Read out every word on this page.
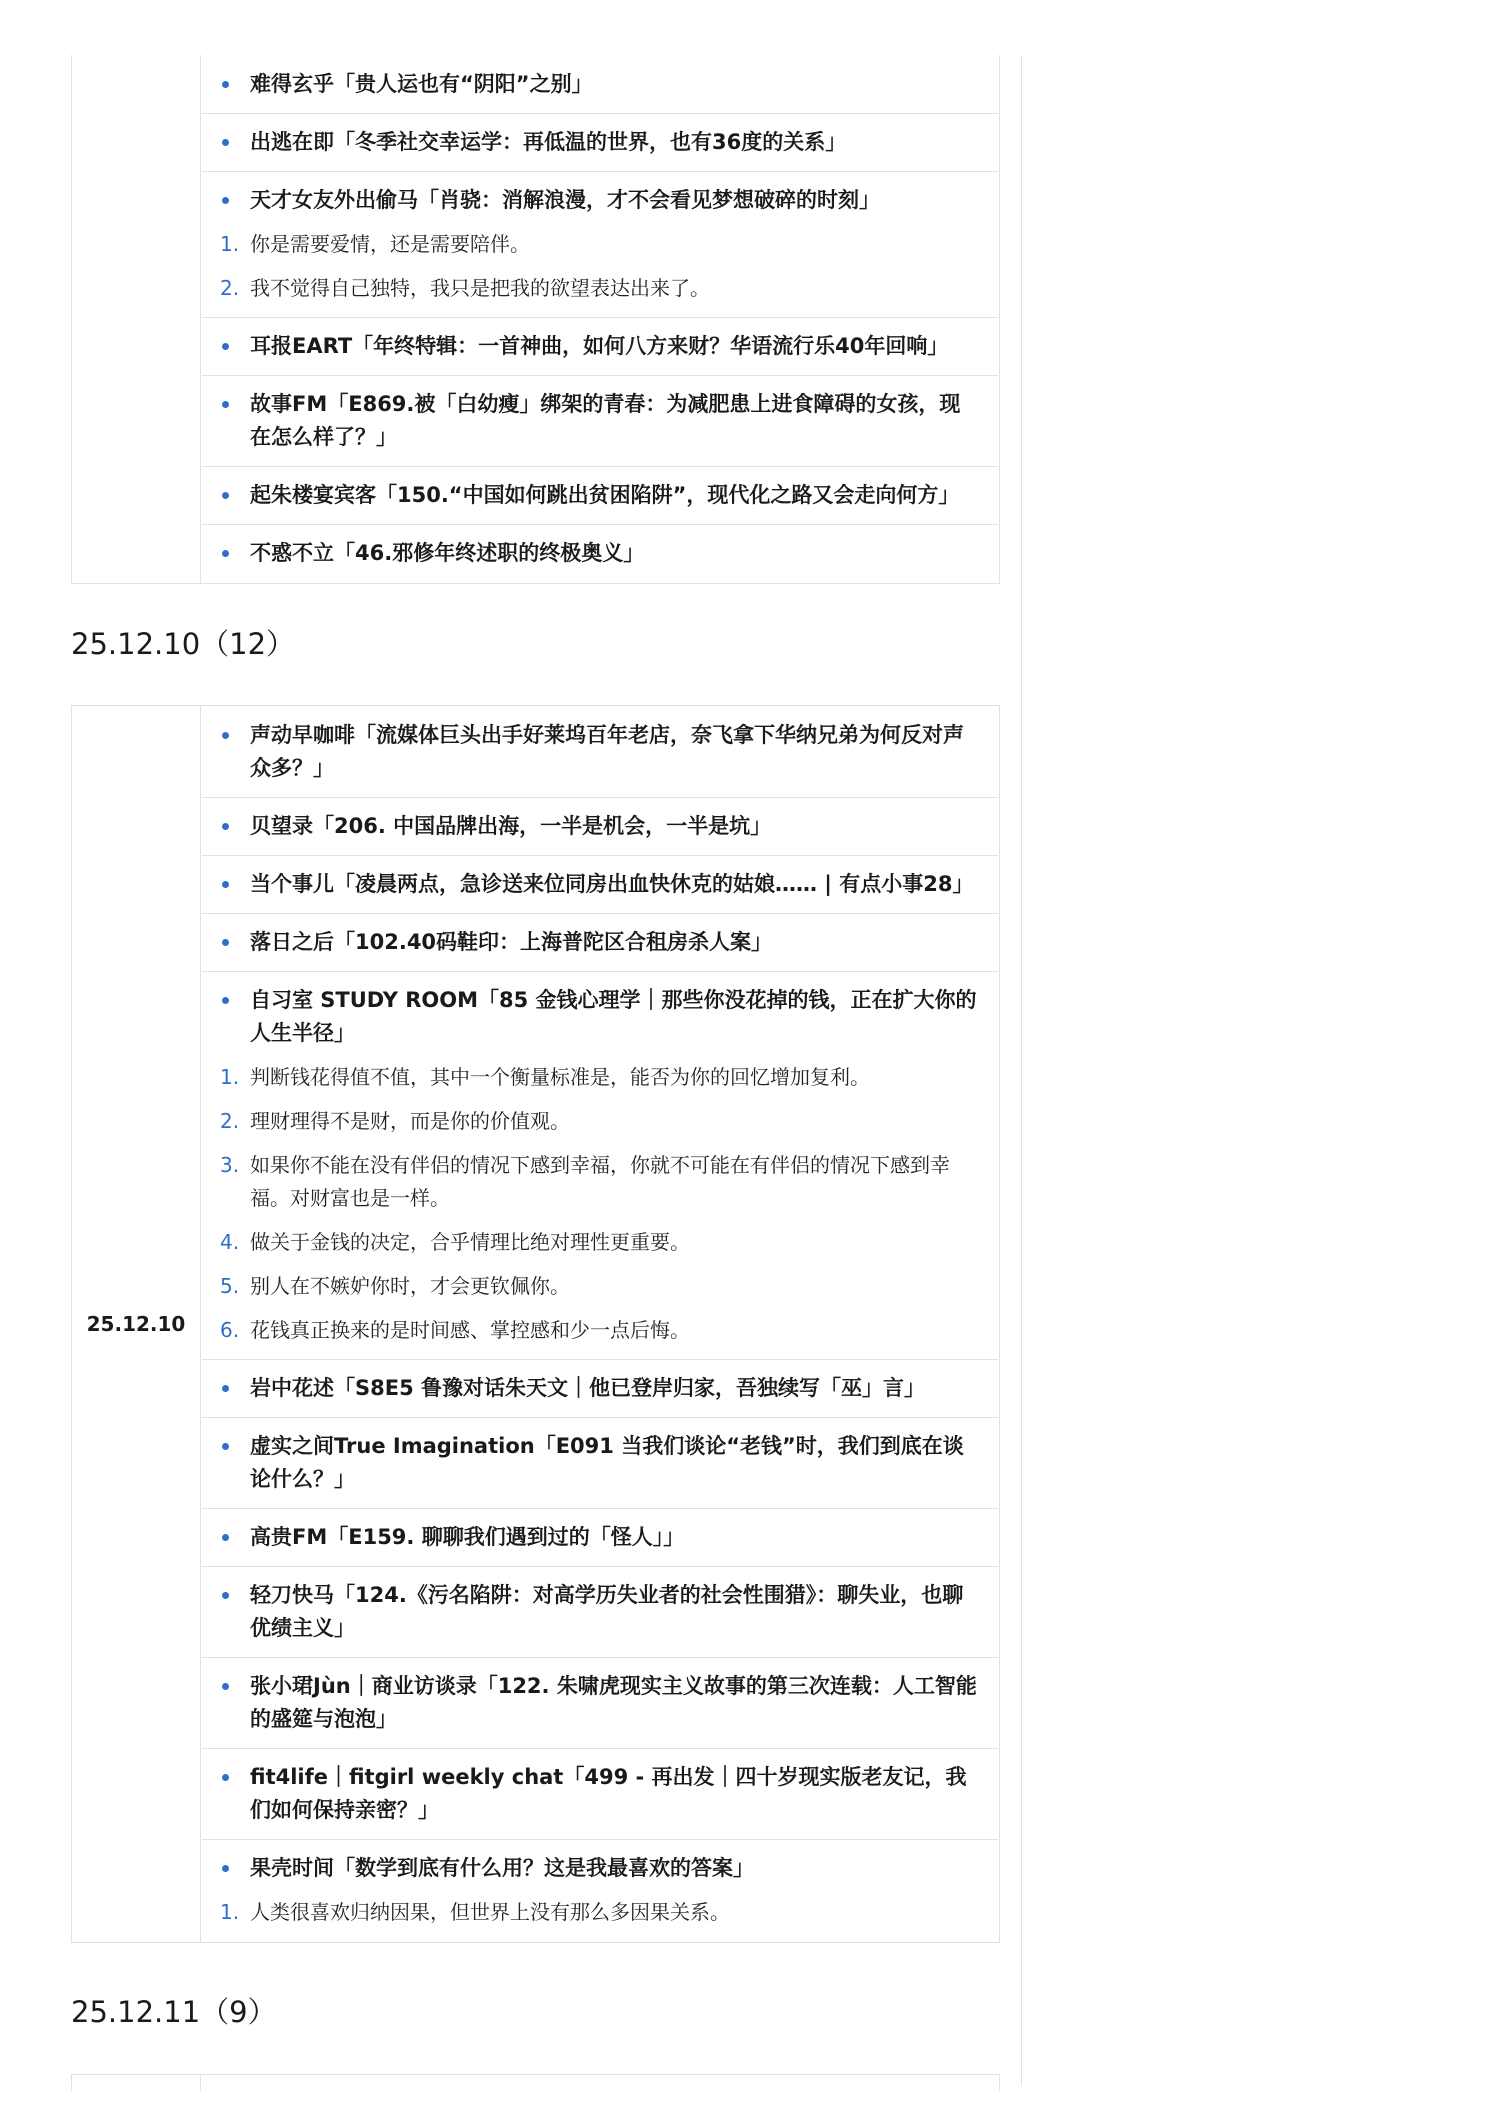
难得玄乎「贵人运也有“阴阳”之别」
出逃在即「冬季社交幸运学：再低温的世界，也有36度的关系」
天才女友外出偷马「肖骁：消解浪漫，才不会看见梦想破碎的时刻」
1. 你是需要爱情，还是需要陪伴。
2. 我不觉得自己独特，我只是把我的欲望表达出来了。
耳报EART「年终特辑：一首神曲，如何八方来财？华语流行乐40年回响」
故事FM「E869.被「白幼瘦」绑架的青春：为减肥患上进食障碍的女孩，现在怎么样了？」
起朱楼宴宾客「150.“中国如何跳出贫困陷阱”，现代化之路又会走向何方」
不惑不立「46.邪修年终述职的终极奥义」
25.12.10（12）
25.12.10	
声动早咖啡「流媒体巨头出手好莱坞百年老店，奈飞拿下华纳兄弟为何反对声众多？」
贝望录「206. 中国品牌出海，一半是机会，一半是坑」
当个事儿「凌晨两点，急诊送来位同房出血快休克的姑娘…… | 有点小事28」
落日之后「102.40码鞋印：上海普陀区合租房杀人案」
自习室 STUDY ROOM「85 金钱心理学｜那些你没花掉的钱，正在扩大你的人生半径」
1. 判断钱花得值不值，其中一个衡量标准是，能否为你的回忆增加复利。
2. 理财理得不是财，而是你的价值观。
3. 如果你不能在没有伴侣的情况下感到幸福，你就不可能在有伴侣的情况下感到幸福。对财富也是一样。
4. 做关于金钱的决定，合乎情理比绝对理性更重要。
5. 别人在不嫉妒你时，才会更钦佩你。
6. 花钱真正换来的是时间感、掌控感和少一点后悔。
岩中花述「S8E5 鲁豫对话朱天文｜他已登岸归家，吾独续写「巫」言」
虚实之间True Imagination「E091 当我们谈论“老钱”时，我们到底在谈论什么？」
高贵FM「E159. 聊聊我们遇到过的「怪人」」
轻刀快马「124.《污名陷阱：对高学历失业者的社会性围猎》：聊失业，也聊优绩主义」
张小珺Jùn｜商业访谈录「122. 朱啸虎现实主义故事的第三次连载：人工智能的盛筵与泡泡」
fit4life｜fitgirl weekly chat「499 - 再出发｜四十岁现实版老友记，我们如何保持亲密？」
果壳时间「数学到底有什么用？这是我最喜欢的答案」
1. 人类很喜欢归纳因果，但世界上没有那么多因果关系。
25.12.11（9）
